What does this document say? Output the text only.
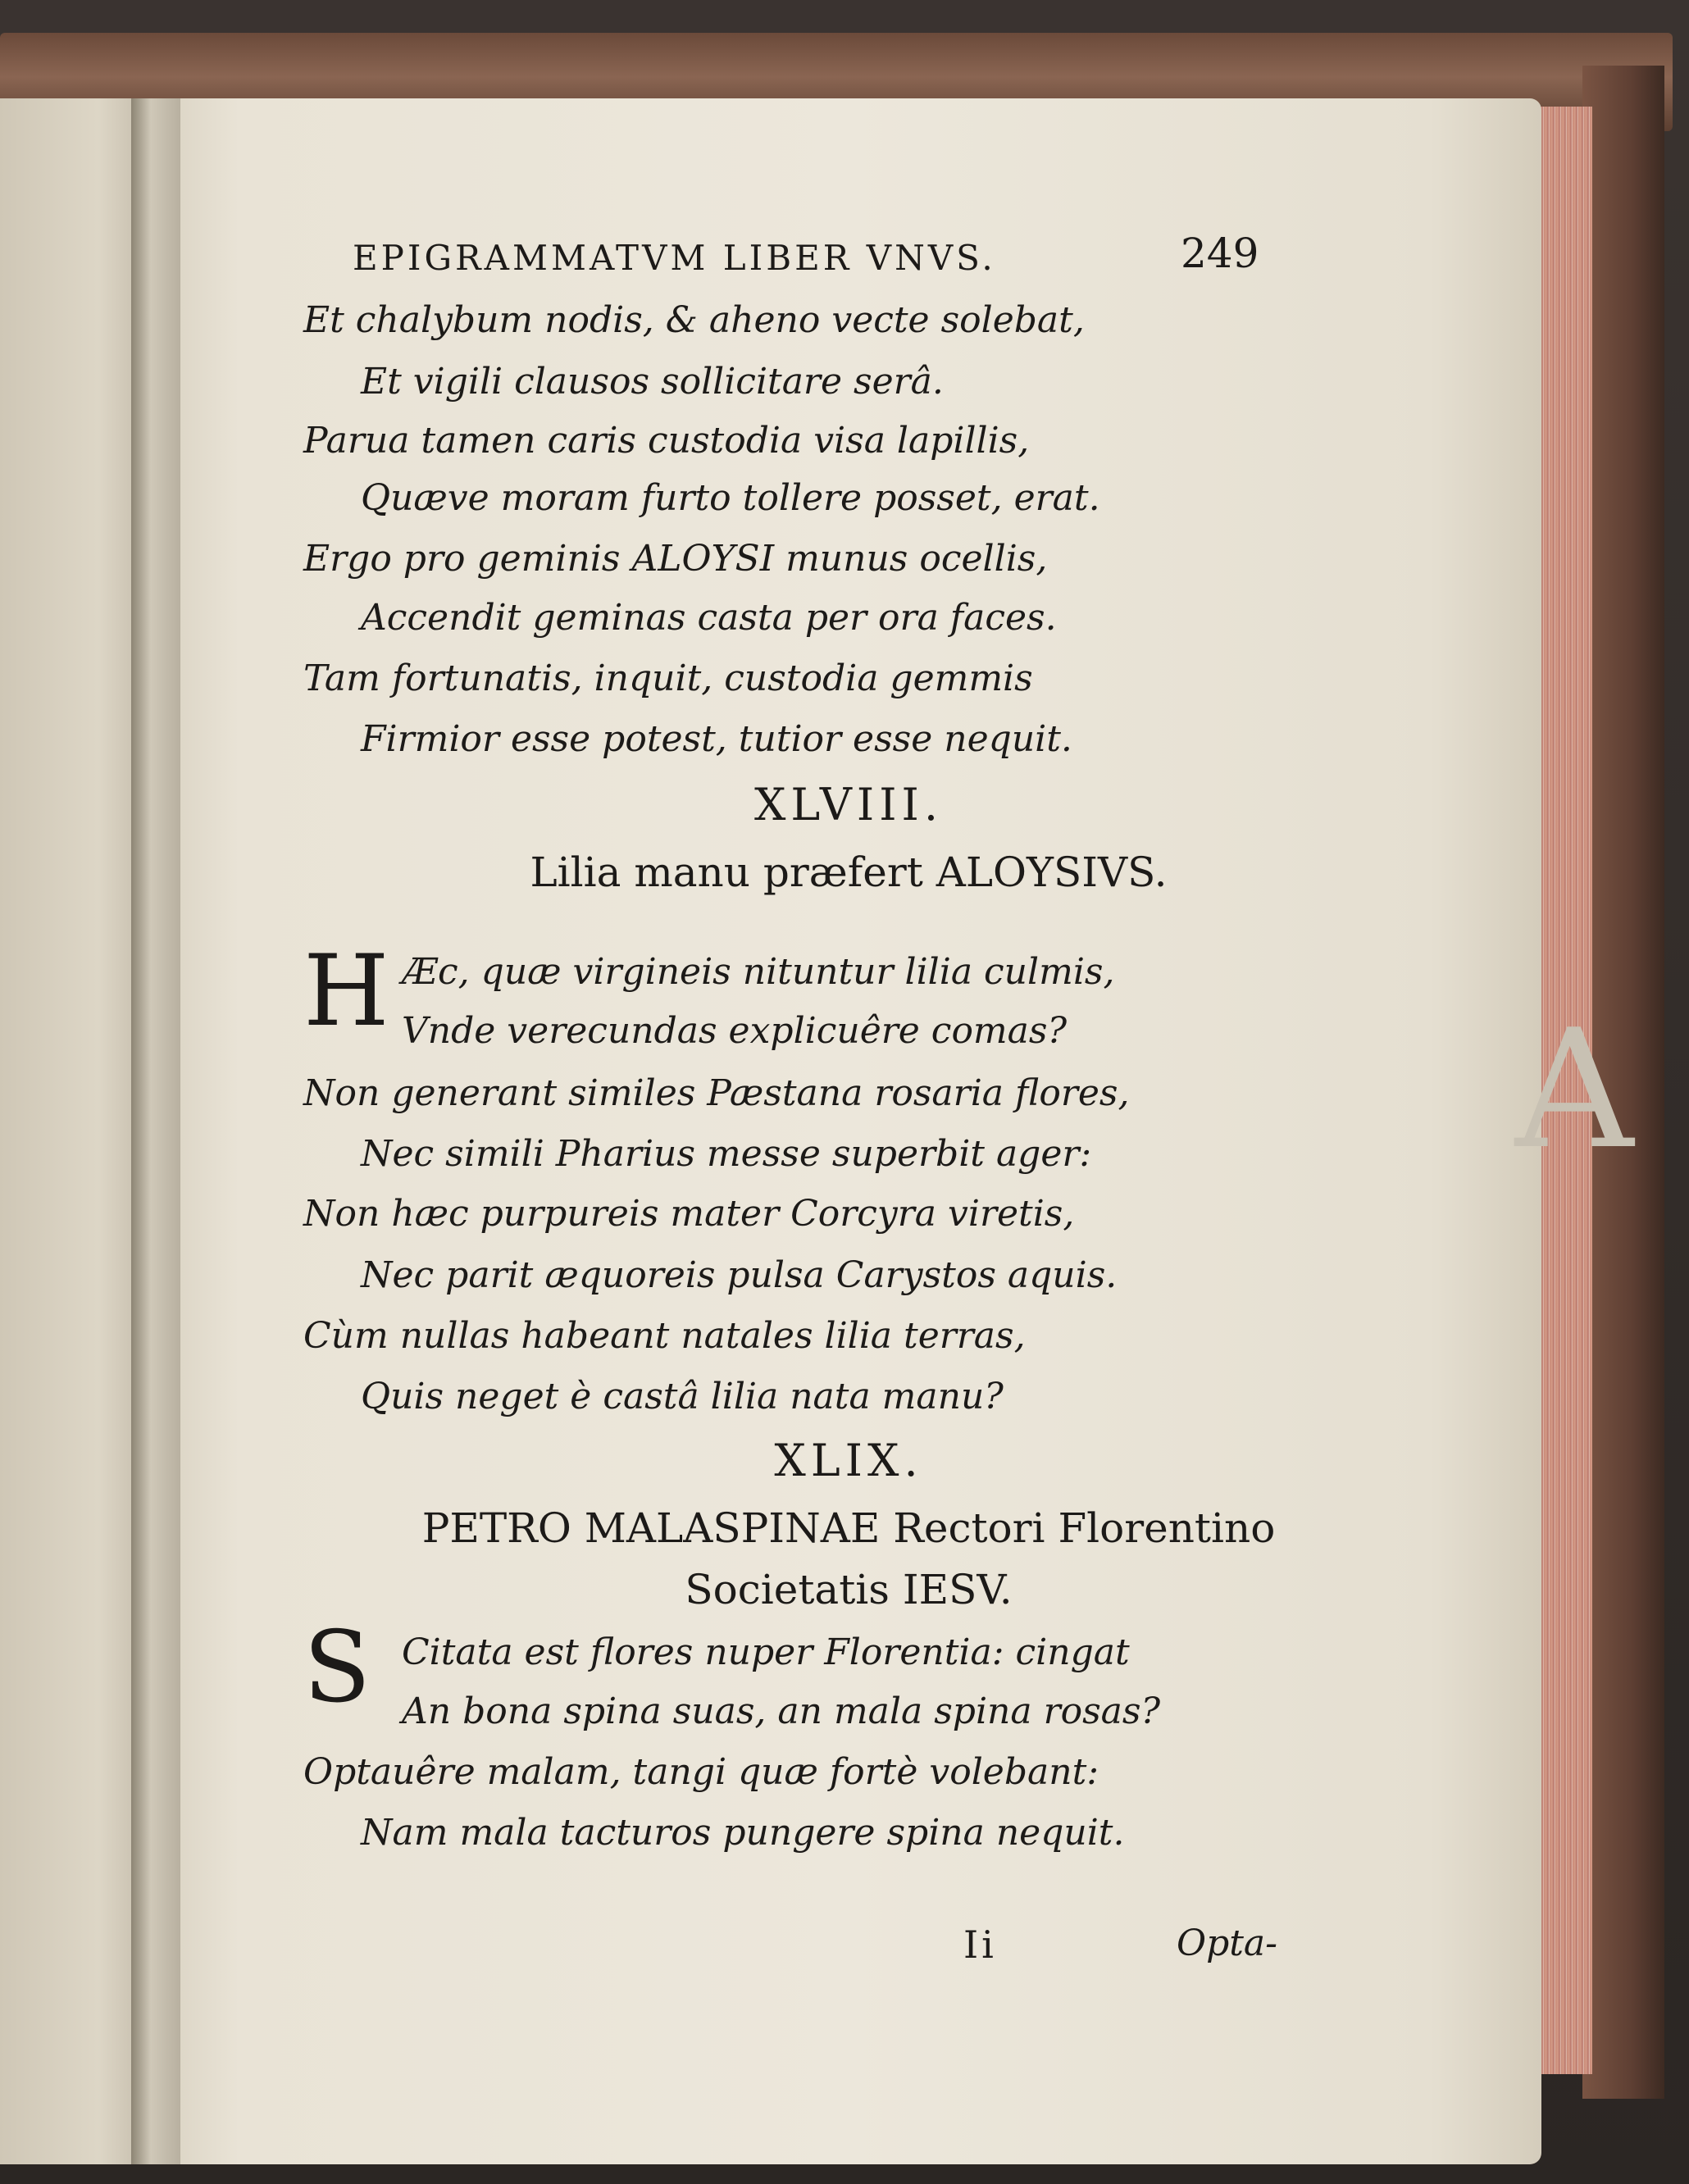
A
EPIGRAMMATVM LIBER VNVS.	249
Et chalybum nodis, & aheno vecte solebat,
Et vigili clausos sollicitare serâ.
Parua tamen caris custodia visa lapillis,
Quæve moram furto tollere posset, erat.
Ergo pro geminis ALOYSI munus ocellis,
Accendit geminas casta per ora faces.
Tam fortunatis, inquit, custodia gemmis
Firmior esse potest, tutior esse nequit.
XLVIII.
Lilia manu præfert ALOYSIVS.
H Æc, quæ virgineis nituntur lilia culmis,
Vnde verecundas explicuêre comas?
Non generant similes Pæstana rosaria flores,
Nec simili Pharius messe superbit ager:
Non hæc purpureis mater Corcyra viretis,
Nec parit æquoreis pulsa Carystos aquis.
Cùm nullas habeant natales lilia terras,
Quis neget è castâ lilia nata manu?
XLIX.
PETRO MALASPINAE Rectori Florentino
Societatis IESV.
S Citata est flores nuper Florentia: cingat
An bona spina suas, an mala spina rosas?
Optauêre malam, tangi quæ fortè volebant:
Nam mala tacturos pungere spina nequit.
Ii	Opta-
